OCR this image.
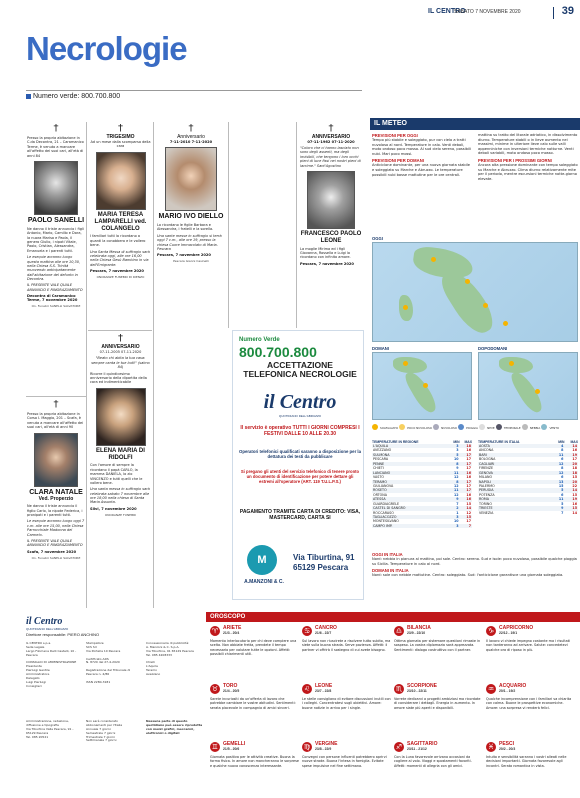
IL CENTRO
SABATO 7 NOVEMBRE 2020	39
Necrologie
Numero verde: 800.700.800
†
Presso la propria abitazione in C.da Decontra, 21 – Caramanico Terme, è venuto a mancare all'affetto dei suoi cari, all'età di anni 84
PAOLO SANELLI
Ne danno il triste annuncio i figli Antonio, Mario, Camillo e Dora, la nuora Marisa e Paola, il genero Giulio, i nipoti Vitale, Paolo, Cristian, Alessandra, Emanuela e i parenti tutti.
Le esequie avranno luogo questa mattina alle ore 10,30, nella Chiesa S.S. Trinità muovendo anticipatamente dall'abitazione del defunto in Decontra.
IL PRESENTE VALE QUALE ANNUNCIO E RINGRAZIAMENTO
Decontra di Caramanico Terme, 7 novembre 2020
On. Funebri SANELLI SALVATORE
†
Presso la propria abitazione in Corso I. Maggio, 201 – Scafa, è venuta a mancare all'affetto dei suoi cari, all'età di anni 90
CLARA NATALE
Ved. Properzio
Ne danno il triste annuncio il figlio Carlo, la nipote Federica, i pronipoti e i parenti tutti.
Le esequie avranno luogo oggi 7 c.m. alle ore 15,00, nella Chiesa Parrocchiale Madonna del Carmelo.
IL PRESENTE VALE QUALE ANNUNCIO E RINGRAZIAMENTO
Scafa, 7 novembre 2020
On. Funebri SANELLI SALVATORE
†
TRIGESIMO
Ad un mese dalla scomparsa della cara
MARIA TERESA LAMPARELLI ved. COLANGELO
I familiari tutti la ricordano a quanti la conobbero e le vollero bene.
Una Santa Messa di suffragio sarà celebrata oggi, alle ore 16,00 nella Chiesa Gesù Bambino in via dell'Emigrante.
Pescara, 7 novembre 2020
ONORANZE FUNEBRI DI RIENZO
†
ANNIVERSARIO
07-11-2005 07-11-2020
"Beato chi abita la tua casa: sempre canta le tue lodi!" (salmo 84)
Ricorre il quindicesimo anniversario della dipartita della cara ed indimenticabile
ELENA MARIA DI RIDOLFI
Con l'amore di sempre la ricordano il papà CARLO, la mamma DANIELA, lo zio VINCENZO e tutti quelli che le vollero bene.
Una santa messa in suffragio sarà celebrata sabato 7 novembre alle ore 18,00 nella chiesa di Santa Maria Assunta.
Silvi, 7 novembre 2020
ONORANZE FUNEBRI
†
Anniversario
7-11-2010 7-11-2020
MARIO IVO DIELLO
Lo ricordano le figlie Barbara e Alessandra, i fratelli e la sorella.
Una sante messe in suffragio si terrà oggi 7 c.m., alle ore 19, presso la chiesa Cuore Immacolato di Maria. Pescara
Pescara, 7 novembre 2020
Pescara Gianni Casinelli
†
ANNIVERSARIO
07-11-1962 07-11-2020
"Coloro che ci hanno lasciato non sono degli assenti, ma degli invisibili, che tengono i loro occhi pieni di luce fissi nei nostri pieni di lacrime." Sant'Agostino
FRANCESCO PAOLO LEONE
La moglie Mirima ed i figli Giovanna, Rossella e Luigi lo ricordano con infinito amore.
Pescara, 7 novembre 2020
Numero Verde
800.700.800
ACCETTAZIONE TELEFONICA NECROLOGIE
il Centro
QUOTIDIANO DELL'ABRUZZO
Il servizio è operativo TUTTI I GIORNI COMPRESI I FESTIVI DALLE 10 ALLE 20.30
Operatori telefonici qualificati saranno a disposizione per la dettatura dei testi da pubblicare
Si pregano gli utenti del servizio telefonico di tenere pronto un documento di identificazione per potere dettare gli estremi all'operatore (ART. 119 T.U.L.P.S.)
PAGAMENTO TRAMITE CARTA DI CREDITO: VISA, MASTERCARD, CARTA SI
M
A.MANZONI & C.
Via Tiburtina, 91
65129 Pescara
IL METEO
PREVISIONI PER OGGI
Tempo più stabile e soleggiato, pur con cielo a tratti nuvoloso al nord. Temperature in calo. Venti deboli, moto ondoso poco mosso. Al sud cielo sereno, possibili nubi. Mari poco mossi.
PREVISIONI PER DOMANI
Anticiclone dominante, per una nuova giornata stabile e soleggiata su Marche e Abruzzo. Le temperature possibili nubi basse mattutine per le ore centrali.
mattina su tratto del litorale adriatico, in dissolvimento diurno. Temperature stabili o in lieve aumento nei massimi, minime in ulteriore lieve calo sulle valli appenniniche con inversioni termiche notturne. Venti deboli variabili, moto ondoso poco mosso.
PREVISIONI PER I PROSSIMI GIORNI
Ancora alta pressione dominante con tempo soleggiato su Marche e Abruzzo. Clima diurno relativamente mite per il periodo, mentre escursioni termiche notte-giorno elevate.
OGGI
DOMANI	DOPODOMANI
SOLEGGIATO	POCO NUVOLOSO	NUVOLOSO	PIOGGIA	NEVE	TEMPORALE	NEBBIA	VENTO
TEMPERATURE IN REGIONE	MIN	MAX
L'AQUILA	3	18
AVEZZANO	3	16
SULMONA	5	17
PESCARA	10	17
PENNE	8	17
CHIETI	9	17
LANCIANO	11	16
VASTO	12	16
TERAMO	8	17
GIULIANOVA	12	17
ROSETO	11	17
ORTONA	12	16
ATESSA	9	16
GUARDIAGRELE	7	15
CASTEL DI SANGRO	2	14
ROCCARASO	1	12
TAGLIACOZZO	3	15
MONTESILVANO	10	17
CAMPO IMP.	3	7
TEMPERATURE IN ITALIA	MIN	MAX
AOSTA	4	14
ANCONA	8	16
BARI	11	19
BOLOGNA	6	17
CAGLIARI	12	20
FIRENZE	8	18
GENOVA	12	18
MILANO	6	15
NAPOLI	13	20
PALERMO	15	22
PERUGIA	5	14
POTENZA	6	15
ROMA	11	19
TORINO	5	16
TRIESTE	9	15
VENEZIA	7	14
OGGI IN ITALIA
Nord: nebbia in pianura al mattino, poi sole. Centro: sereno. Sud e isole: poco nuvoloso, possibile qualche pioggia su Sicilia. Temperature in calo al nord.
DOMANI IN ITALIA
Nord: sole con nebbie mattutine. Centro: soleggiato. Sud: l'anticiclone garantisce una giornata soleggiata.
il Centro
QUOTIDIANO DELL'ABRUZZO
Direttore responsabile: PIERO ANCHINO
IL CENTRO s.p.a.
Sede Legale
Largo Filomena Delli Castelli, 10 - Pescara

CONSIGLIO DI AMMINISTRAZIONE
Presidente
Pierluigi Gentile
Amministratore
Delegato
Luigi Pierluigi
Consiglieri
Stampatore
SCS Srl
Via Portella 10 Pescara

Certificato ADS
N. 8720 del 27-4-2020

Registrazione del Tribunale di Pescara n. 4/86

ISSN 2280-3181
Concessionaria di pubblicità:
A. Manzoni & C. S.p.A.
Via Tiburtina, 91 65129 Pescara
Tel. 085 4208333

Chieti
L'Aquila
Teramo
Avezzano
Amministrazione, redazione, diffusione e tipografia
Via Tiburtina Valle Pescara, 91 - 65129 Pescara
Tel. 085 20521
Non sarà considerato
Abbonamenti per l'Italia
Annuale 7 giorni
Semestrale 7 giorni
Trimestrale 7 giorni
Settimanale 7 giorni
Nessuna parte di questo quotidiano può essere riprodotta con mezzi grafici, meccanici, elettronici o digitali
OROSCOPO
♈ ARIETE
21/3 - 20/4
Momento interlocutorio per chi deve compiere una scelta. Non abbiate fretta, prendete il tempo necessario per valutare tutte le opzioni. Affetti: possibili chiarimenti utili.
♉ TORO
21/4 - 20/5
Sarete incuriositi da un'offerta di lavoro che potrebbe cambiare le vostre abitudini. Sentimenti: serata piacevole in compagnia di amici sinceri.
♊ GEMELLI
21/5 - 20/6
Giornata positiva per le attività creative. Buona la forma fisica. In amore non mancheranno le sorprese e qualche nuova conoscenza interessante.
♋ CANCRO
21/6 - 22/7
Sul lavoro non riuscirete a risolvere tutto subito, ma siete sulla buona strada. Serve pazienza. Affetti: il partner vi offrirà il sostegno di cui avete bisogno.
♌ LEONE
23/7 - 22/8
Le stelle consigliano di evitare discussioni inutili con i colleghi. Concentratevi sugli obiettivi. Amore: buone notizie in arrivo per i single.
♍ VERGINE
23/8 - 22/9
Convegni con persone influenti potrebbero aprirvi nuove strade. Buona l'intesa in famiglia. Evitate spese impulsive nel fine settimana.
♎ BILANCIA
23/9 - 22/10
Ottima giornata per sistemare questioni rimaste in sospeso. La vostra diplomazia sarà apprezzata. Sentimenti: dialogo costruttivo con il partner.
♏ SCORPIONE
23/10 - 22/11
Vorrete dedicarvi a progetti ambiziosi ma ricordate di considerare i dettagli. Energia in aumento. In amore siate più aperti e disponibili.
♐ SAGITTARIO
23/11 - 21/12
Con la Luna favorevole arrivano occasioni da cogliere al volo. Viaggi e spostamenti favoriti. Affetti: momenti di allegria con gli amici.
♑ CAPRICORNO
22/12 - 19/1
Il lavoro vi chiede impegno costante ma i risultati non tarderanno ad arrivare. Salute: concedetevi qualche ora di riposo in più.
♒ ACQUARIO
20/1 - 19/2
Qualche incomprensione con i familiari va chiarita con calma. Buone le prospettive economiche. Amore: una sorpresa vi renderà felici.
♓ PESCI
20/2 - 20/3
Intuito e sensibilità saranno i vostri alleati nelle decisioni importanti. Giornata favorevole agli incontri. Serata romantica in vista.
